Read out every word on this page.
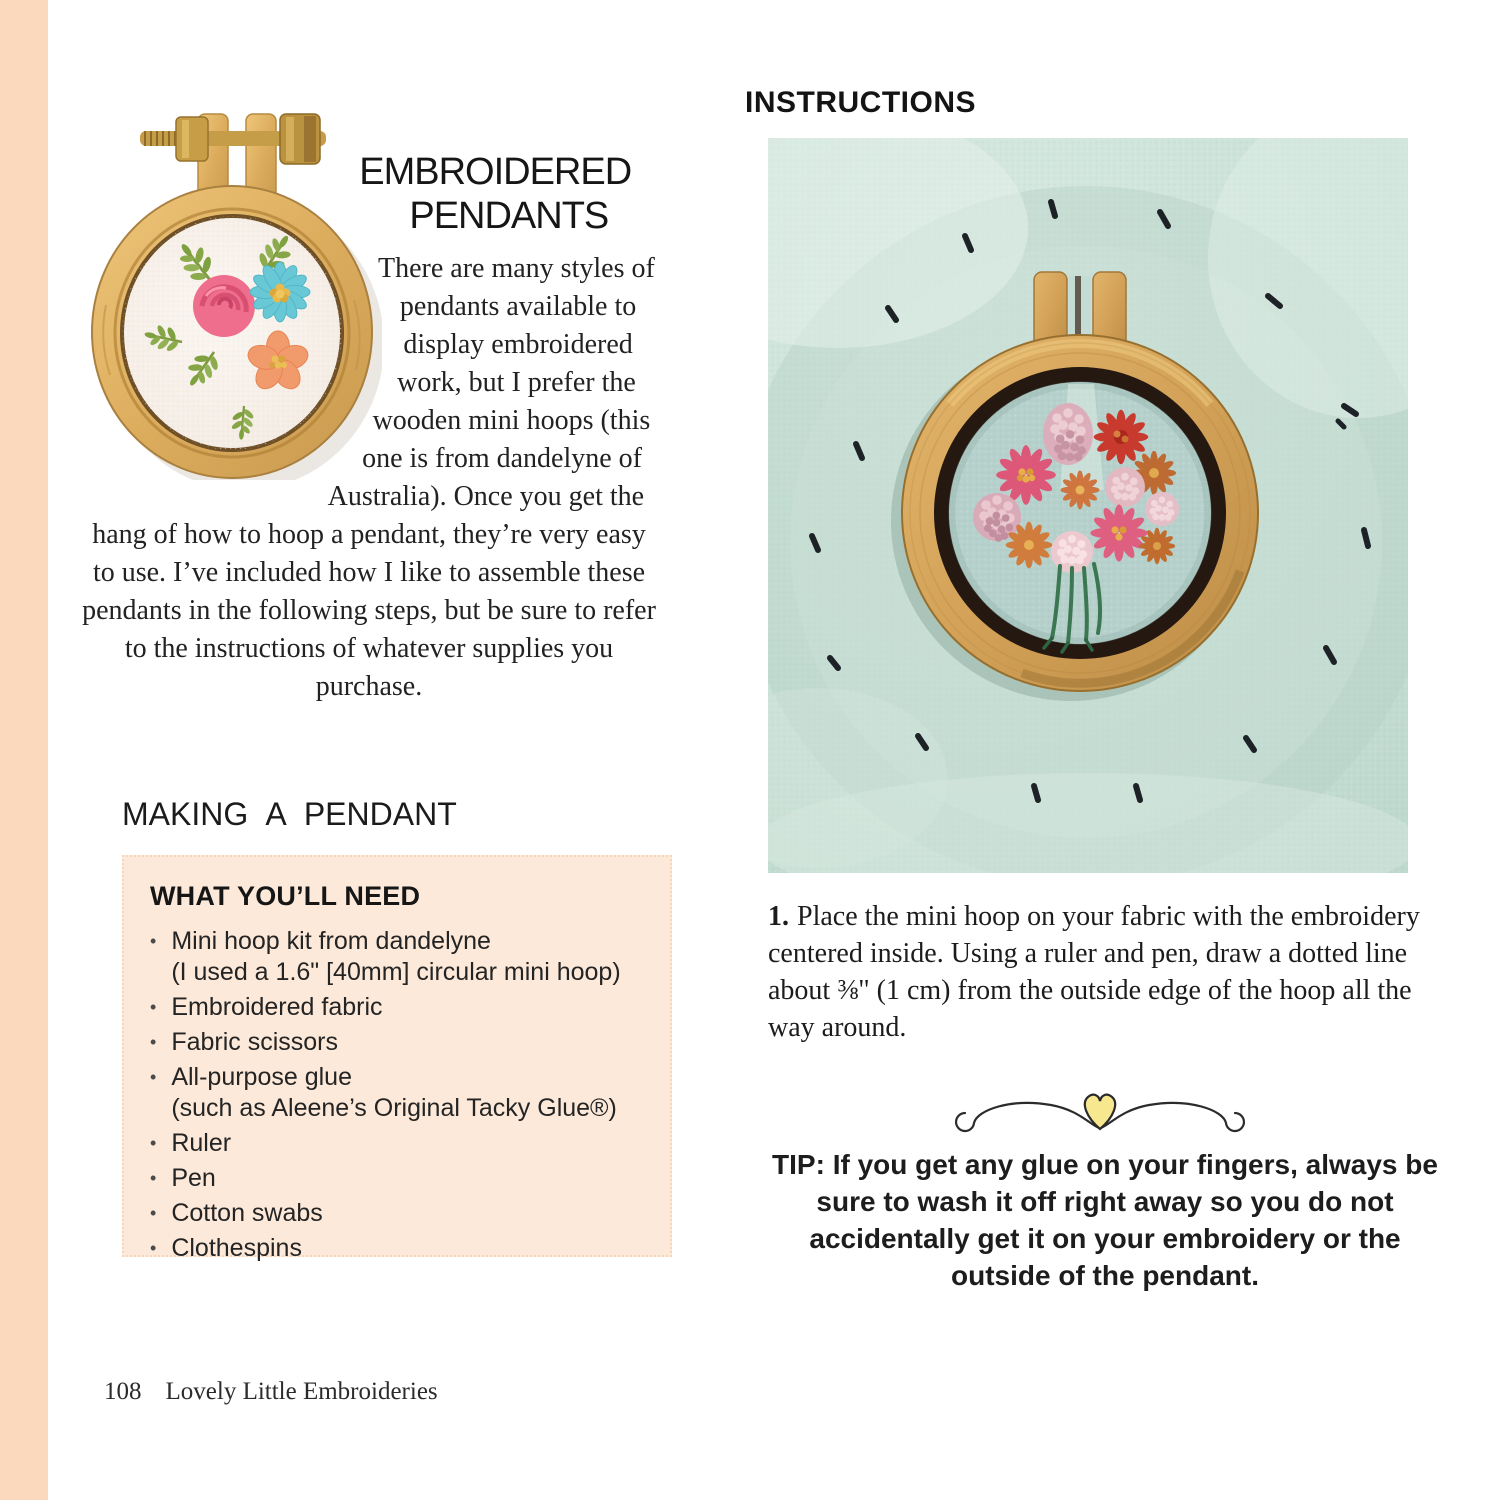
EMBROIDERED PENDANTS

There are many styles of pendants available to display embroidered work, but I prefer the wooden mini hoops (this one is from dandelyne of Australia). Once you get the hang of how to hoop a pendant, they’re very easy to use. I’ve included how I like to assemble these pendants in the following steps, but be sure to refer to the instructions of whatever supplies you purchase.

MAKING A PENDANT
WHAT YOU’LL NEED
• Mini hoop kit from dandelyne
(I used a 1.6" [40mm] circular mini hoop)
• Embroidered fabric
• Fabric scissors
• All-purpose glue
(such as Aleene’s Original Tacky Glue®)
• Ruler
• Pen
• Cotton swabs
• Clothespins
INSTRUCTIONS

1. Place the mini hoop on your fabric with the embroidery centered inside. Using a ruler and pen, draw a dotted line about ⅜" (1 cm) from the outside edge of the hoop all the way around.

TIP: If you get any glue on your fingers, always be sure to wash it off right away so you do not accidentally get it on your embroidery or the outside of the pendant.

108 Lovely Little Embroideries
